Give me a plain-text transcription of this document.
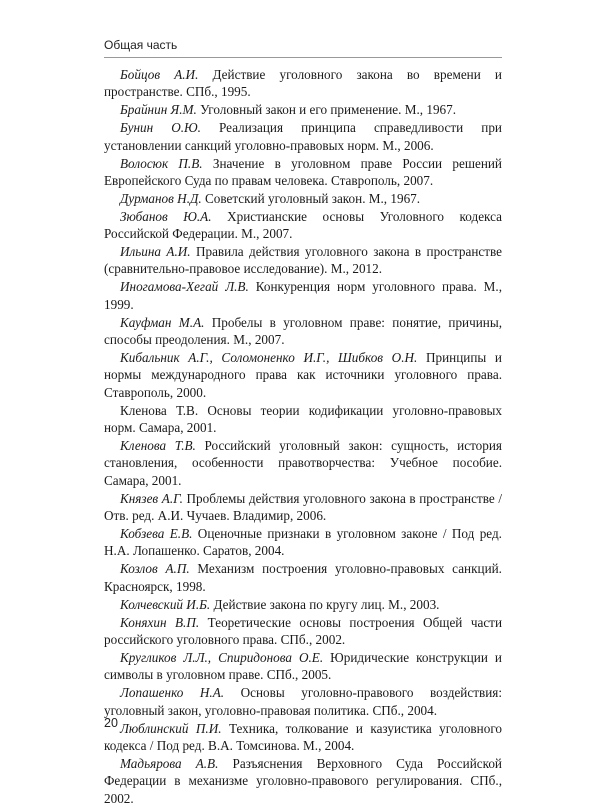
Общая часть

Бойцов А.И. Действие уголовного закона во времени и пространстве. СПб., 1995.

Брайнин Я.М. Уголовный закон и его применение. М., 1967.

Бунин О.Ю. Реализация принципа справедливости при установлении санкций уголовно-правовых норм. М., 2006.

Волосюк П.В. Значение в уголовном праве России решений Европейского Суда по правам человека. Ставрополь, 2007.

Дурманов Н.Д. Советский уголовный закон. М., 1967.

Зюбанов Ю.А. Христианские основы Уголовного кодекса Российской Федерации. М., 2007.

Ильина А.И. Правила действия уголовного закона в пространстве (сравнительно-правовое исследование). М., 2012.

Иногамова-Хегай Л.В. Конкуренция норм уголовного права. М., 1999.

Кауфман М.А. Пробелы в уголовном праве: понятие, причины, способы преодоления. М., 2007.

Кибальник А.Г., Соломоненко И.Г., Шибков О.Н. Принципы и нормы международного права как источники уголовного права. Ставрополь, 2000.

Кленова Т.В. Основы теории кодификации уголовно-правовых норм. Самара, 2001.

Кленова Т.В. Российский уголовный закон: сущность, история становления, особенности правотворчества: Учебное пособие. Самара, 2001.

Князев А.Г. Проблемы действия уголовного закона в пространстве / Отв. ред. А.И. Чучаев. Владимир, 2006.

Кобзева Е.В. Оценочные признаки в уголовном законе / Под ред. Н.А. Лопашенко. Саратов, 2004.

Козлов А.П. Механизм построения уголовно-правовых санкций. Красноярск, 1998.

Колчевский И.Б. Действие закона по кругу лиц. М., 2003.

Коняхин В.П. Теоретические основы построения Общей части российского уголовного права. СПб., 2002.

Кругликов Л.Л., Спиридонова О.Е. Юридические конструкции и символы в уголовном праве. СПб., 2005.

Лопашенко Н.А. Основы уголовно-правового воздействия: уголовный закон, уголовно-правовая политика. СПб., 2004.

Люблинский П.И. Техника, толкование и казуистика уголовного кодекса / Под ред. В.А. Томсинова. М., 2004.

Мадьярова А.В. Разъяснения Верховного Суда Российской Федерации в механизме уголовно-правового регулирования. СПб., 2002.

20
